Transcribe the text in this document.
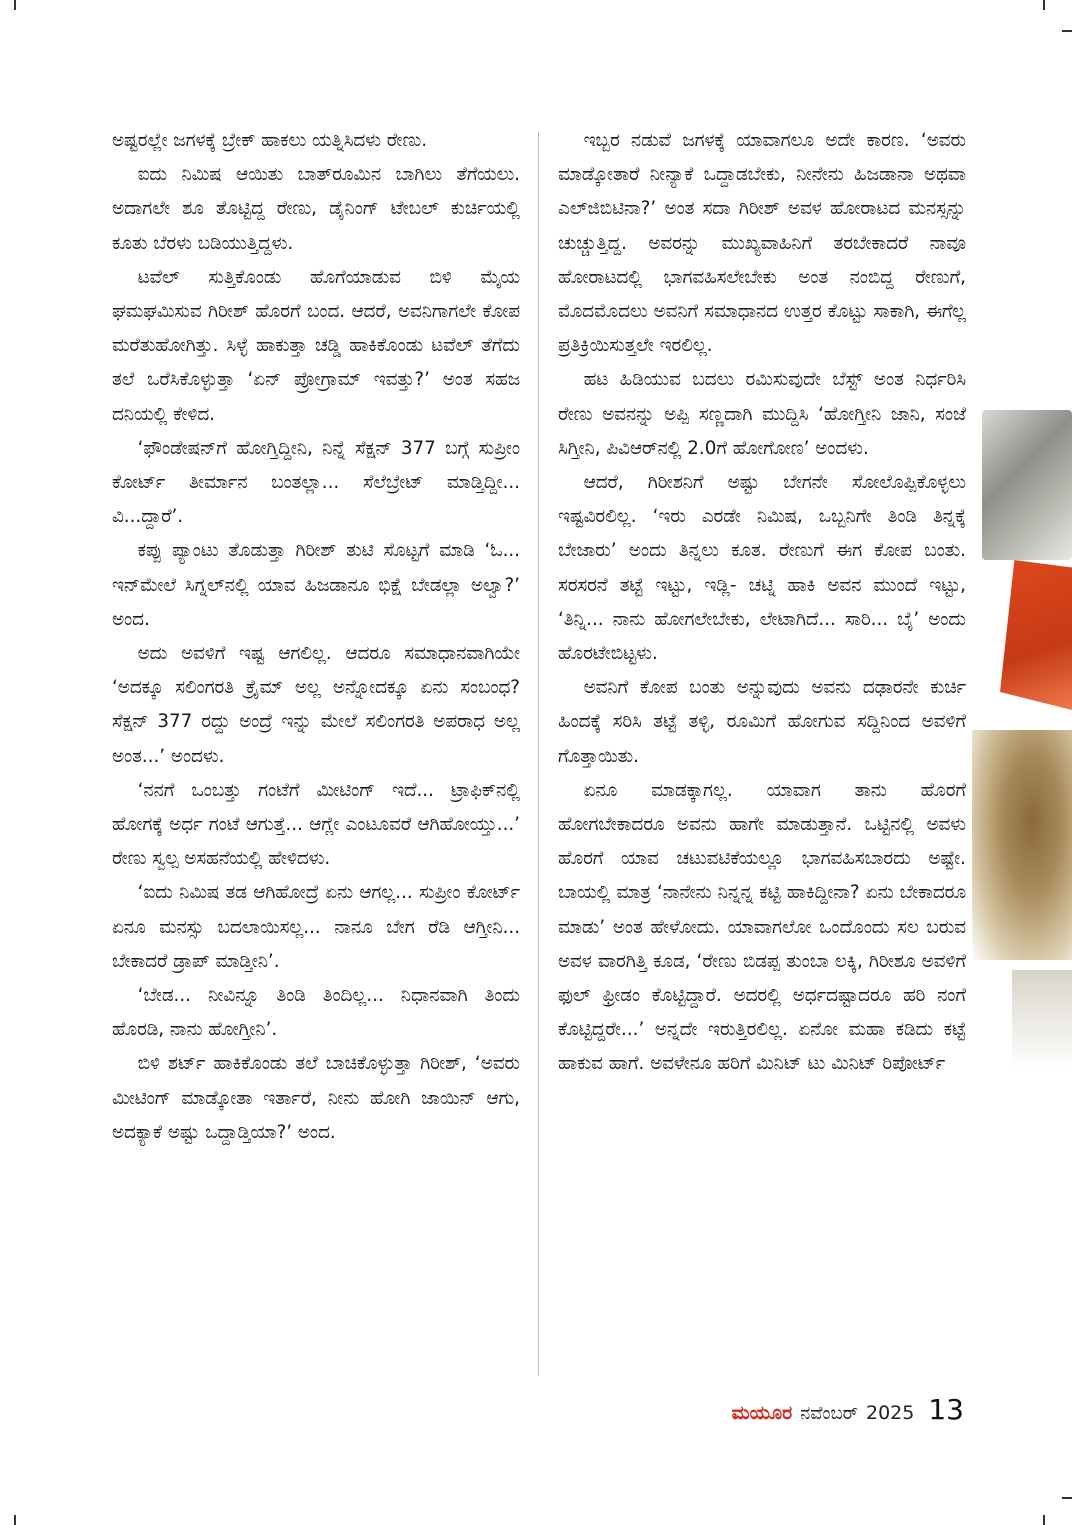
ಅಷ್ಟರಲ್ಲೇ ಜಗಳಕ್ಕೆ ಬ್ರೇಕ್ ಹಾಕಲು ಯತ್ನಿಸಿದಳು ರೇಣು.

ಐದು ನಿಮಿಷ ಆಯಿತು ಬಾತ್‌ರೂಮಿನ ಬಾಗಿಲು ತೆಗೆಯಲು. ಅದಾಗಲೇ ಶೂ ತೊಟ್ಟಿದ್ದ ರೇಣು, ಡೈನಿಂಗ್ ಟೇಬಲ್ ಕುರ್ಚಿಯಲ್ಲಿ ಕೂತು ಬೆರಳು ಬಡಿಯುತ್ತಿದ್ದಳು.

ಟವೆಲ್ ಸುತ್ತಿಕೊಂಡು ಹೊಗೆಯಾಡುವ ಬಿಳಿ ಮೈಯ ಘಮಘಮಿಸುವ ಗಿರೀಶ್ ಹೊರಗೆ ಬಂದ. ಆದರೆ, ಅವನಿಗಾಗಲೇ ಕೋಪ ಮರೆತುಹೋಗಿತ್ತು. ಸಿಳ್ಳೆ ಹಾಕುತ್ತಾ ಚಡ್ಡಿ ಹಾಕಿಕೊಂಡು ಟವೆಲ್ ತೆಗೆದು ತಲೆ ಒರೆಸಿಕೊಳ್ಳುತ್ತಾ ‘ಏನ್ ಪ್ರೋಗ್ರಾಮ್ ಇವತ್ತು?’ ಅಂತ ಸಹಜ ದನಿಯಲ್ಲಿ ಕೇಳಿದ.

‘ಫೌಂಡೇಷನ್‌ಗೆ ಹೋಗ್ತಿದ್ದೀನಿ, ನಿನ್ನೆ ಸೆಕ್ಷನ್ 377 ಬಗ್ಗೆ ಸುಪ್ರೀಂ ಕೋರ್ಟ್ ತೀರ್ಮಾನ ಬಂತಲ್ಲಾ... ಸೆಲೆಬ್ರೇಟ್ ಮಾಡ್ತಿದ್ದೀ... ವಿ...ದ್ದಾರೆ’.

ಕಪ್ಪು ಪ್ಯಾಂಟು ತೊಡುತ್ತಾ ಗಿರೀಶ್ ತುಟಿ ಸೊಟ್ಟಗೆ ಮಾಡಿ ‘ಓ... ಇನ್‌ಮೇಲೆ ಸಿಗ್ನಲ್‌ನಲ್ಲಿ ಯಾವ ಹಿಜಡಾನೂ ಭಿಕ್ಷೆ ಬೇಡಲ್ಲಾ ಅಲ್ವಾ?’ ಅಂದ.

ಅದು ಅವಳಿಗೆ ಇಷ್ಟ ಆಗಲಿಲ್ಲ. ಆದರೂ ಸಮಾಧಾನವಾಗಿಯೇ ‘ಅದಕ್ಕೂ ಸಲಿಂಗರತಿ ಕ್ರೈಮ್ ಅಲ್ಲ ಅನ್ನೋದಕ್ಕೂ ಏನು ಸಂಬಂಧ? ಸೆಕ್ಷನ್ 377 ರದ್ದು ಅಂದ್ರೆ ಇನ್ನು ಮೇಲೆ ಸಲಿಂಗರತಿ ಅಪರಾಧ ಅಲ್ಲ ಅಂತ...’ ಅಂದಳು.

‘ನನಗೆ ಒಂಬತ್ತು ಗಂಟೆಗೆ ಮೀಟಿಂಗ್ ಇದೆ... ಟ್ರಾಫಿಕ್‌ನಲ್ಲಿ ಹೋಗಕ್ಕೆ ಅರ್ಧ ಗಂಟೆ ಆಗುತ್ತೆ... ಆಗ್ಲೇ ಎಂಟೂವರೆ ಆಗಿಹೋಯ್ತು...’ ರೇಣು ಸ್ವಲ್ಪ ಅಸಹನೆಯಲ್ಲಿ ಹೇಳಿದಳು.

‘ಐದು ನಿಮಿಷ ತಡ ಆಗಿಹೋದ್ರೆ ಏನು ಆಗಲ್ಲ... ಸುಪ್ರೀಂ ಕೋರ್ಟ್ ಏನೂ ಮನಸ್ಸು ಬದಲಾಯಿಸಲ್ಲ... ನಾನೂ ಬೇಗ ರೆಡಿ ಆಗ್ತೀನಿ... ಬೇಕಾದರೆ ಡ್ರಾಪ್ ಮಾಡ್ತೀನಿ’.

‘ಬೇಡ... ನೀವಿನ್ನೂ ತಿಂಡಿ ತಿಂದಿಲ್ಲ... ನಿಧಾನವಾಗಿ ತಿಂದು ಹೊರಡಿ, ನಾನು ಹೋಗ್ತೀನಿ’.

ಬಿಳಿ ಶರ್ಟ್ ಹಾಕಿಕೊಂಡು ತಲೆ ಬಾಚಿಕೊಳ್ಳುತ್ತಾ ಗಿರೀಶ್, ‘ಅವರು ಮೀಟಿಂಗ್ ಮಾಡ್ಕೋತಾ ಇರ್ತಾರೆ, ನೀನು ಹೋಗಿ ಜಾಯಿನ್ ಆಗು, ಅದಕ್ಯಾಕೆ ಅಷ್ಟು ಒದ್ದಾಡ್ತಿಯಾ?’ ಅಂದ.

ಇಬ್ಬರ ನಡುವೆ ಜಗಳಕ್ಕೆ ಯಾವಾಗಲೂ ಅದೇ ಕಾರಣ. ‘ಅವರು ಮಾಡ್ಕೋತಾರೆ ನೀನ್ಯಾಕೆ ಒದ್ದಾಡಬೇಕು, ನೀನೇನು ಹಿಜಡಾನಾ ಅಥವಾ ಎಲ್‌ಜಿಬಿಟಿನಾ?’ ಅಂತ ಸದಾ ಗಿರೀಶ್ ಅವಳ ಹೋರಾಟದ ಮನಸ್ಸನ್ನು ಚುಚ್ಚುತ್ತಿದ್ದ. ಅವರನ್ನು ಮುಖ್ಯವಾಹಿನಿಗೆ ತರಬೇಕಾದರೆ ನಾವೂ ಹೋರಾಟದಲ್ಲಿ ಭಾಗವಹಿಸಲೇಬೇಕು ಅಂತ ನಂಬಿದ್ದ ರೇಣುಗೆ, ಮೊದಮೊದಲು ಅವನಿಗೆ ಸಮಾಧಾನದ ಉತ್ತರ ಕೊಟ್ಟು ಸಾಕಾಗಿ, ಈಗೆಲ್ಲ ಪ್ರತಿಕ್ರಿಯಿಸುತ್ತಲೇ ಇರಲಿಲ್ಲ.

ಹಟ ಹಿಡಿಯುವ ಬದಲು ರಮಿಸುವುದೇ ಬೆಸ್ಟ್ ಅಂತ ನಿರ್ಧರಿಸಿ ರೇಣು ಅವನನ್ನು ಅಪ್ಪಿ ಸಣ್ಣದಾಗಿ ಮುದ್ದಿಸಿ ‘ಹೋಗ್ತೀನಿ ಜಾನಿ, ಸಂಜೆ ಸಿಗ್ತೀನಿ, ಪಿವಿಆರ್‌ನಲ್ಲಿ 2.0ಗೆ ಹೋಗೋಣ’ ಅಂದಳು.

ಆದರೆ, ಗಿರೀಶನಿಗೆ ಅಷ್ಟು ಬೇಗನೇ ಸೋಲೊಪ್ಪಿಕೊಳ್ಳಲು ಇಷ್ಟವಿರಲಿಲ್ಲ. ‘ಇರು ಎರಡೇ ನಿಮಿಷ, ಒಬ್ಬನಿಗೇ ತಿಂಡಿ ತಿನ್ನಕ್ಕೆ ಬೇಜಾರು’ ಅಂದು ತಿನ್ನಲು ಕೂತ. ರೇಣುಗೆ ಈಗ ಕೋಪ ಬಂತು. ಸರಸರನೆ ತಟ್ಟೆ ಇಟ್ಟು, ಇಡ್ಲಿ- ಚಟ್ನಿ ಹಾಕಿ ಅವನ ಮುಂದೆ ಇಟ್ಟು, ‘ತಿನ್ನಿ... ನಾನು ಹೋಗಲೇಬೇಕು, ಲೇಟಾಗಿದೆ... ಸಾರಿ... ಬೈ’ ಅಂದು ಹೊರಟೇಬಿಟ್ಟಳು.

ಅವನಿಗೆ ಕೋಪ ಬಂತು ಅನ್ನುವುದು ಅವನು ದಢಾರನೇ ಕುರ್ಚಿ ಹಿಂದಕ್ಕೆ ಸರಿಸಿ ತಟ್ಟೆ ತಳ್ಳಿ, ರೂಮಿಗೆ ಹೋಗುವ ಸದ್ದಿನಿಂದ ಅವಳಿಗೆ ಗೊತ್ತಾಯಿತು.

ಏನೂ ಮಾಡಕ್ಕಾಗಲ್ಲ. ಯಾವಾಗ ತಾನು ಹೊರಗೆ ಹೋಗಬೇಕಾದರೂ ಅವನು ಹಾಗೇ ಮಾಡುತ್ತಾನೆ. ಒಟ್ಟಿನಲ್ಲಿ ಅವಳು ಹೊರಗೆ ಯಾವ ಚಟುವಟಿಕೆಯಲ್ಲೂ ಭಾಗವಹಿಸಬಾರದು ಅಷ್ಟೇ. ಬಾಯಲ್ಲಿ ಮಾತ್ರ ‘ನಾನೇನು ನಿನ್ನನ್ನ ಕಟ್ಟಿ ಹಾಕಿದ್ದೀನಾ? ಏನು ಬೇಕಾದರೂ ಮಾಡು’ ಅಂತ ಹೇಳೋದು. ಯಾವಾಗಲೋ ಒಂದೊಂದು ಸಲ ಬರುವ ಅವಳ ವಾರಗಿತ್ತಿ ಕೂಡ, ‘ರೇಣು ಬಿಡಪ್ಪ ತುಂಬಾ ಲಕ್ಕಿ, ಗಿರೀಶೂ ಅವಳಿಗೆ ಫುಲ್ ಫ್ರೀಡಂ ಕೊಟ್ಟಿದ್ದಾರೆ. ಅದರಲ್ಲಿ ಅರ್ಧದಷ್ಟಾದರೂ ಹರಿ ನಂಗೆ ಕೊಟ್ಟಿದ್ದರೇ...’ ಅನ್ನದೇ ಇರುತ್ತಿರಲಿಲ್ಲ. ಏನೋ ಮಹಾ ಕಡಿದು ಕಟ್ಟೆ ಹಾಕುವ ಹಾಗೆ. ಅವಳೇನೂ ಹರಿಗೆ ಮಿನಿಟ್ ಟು ಮಿನಿಟ್ ರಿಪೋರ್ಟ್

ಮಯೂರ ನವೆಂಬರ್ 2025 13
